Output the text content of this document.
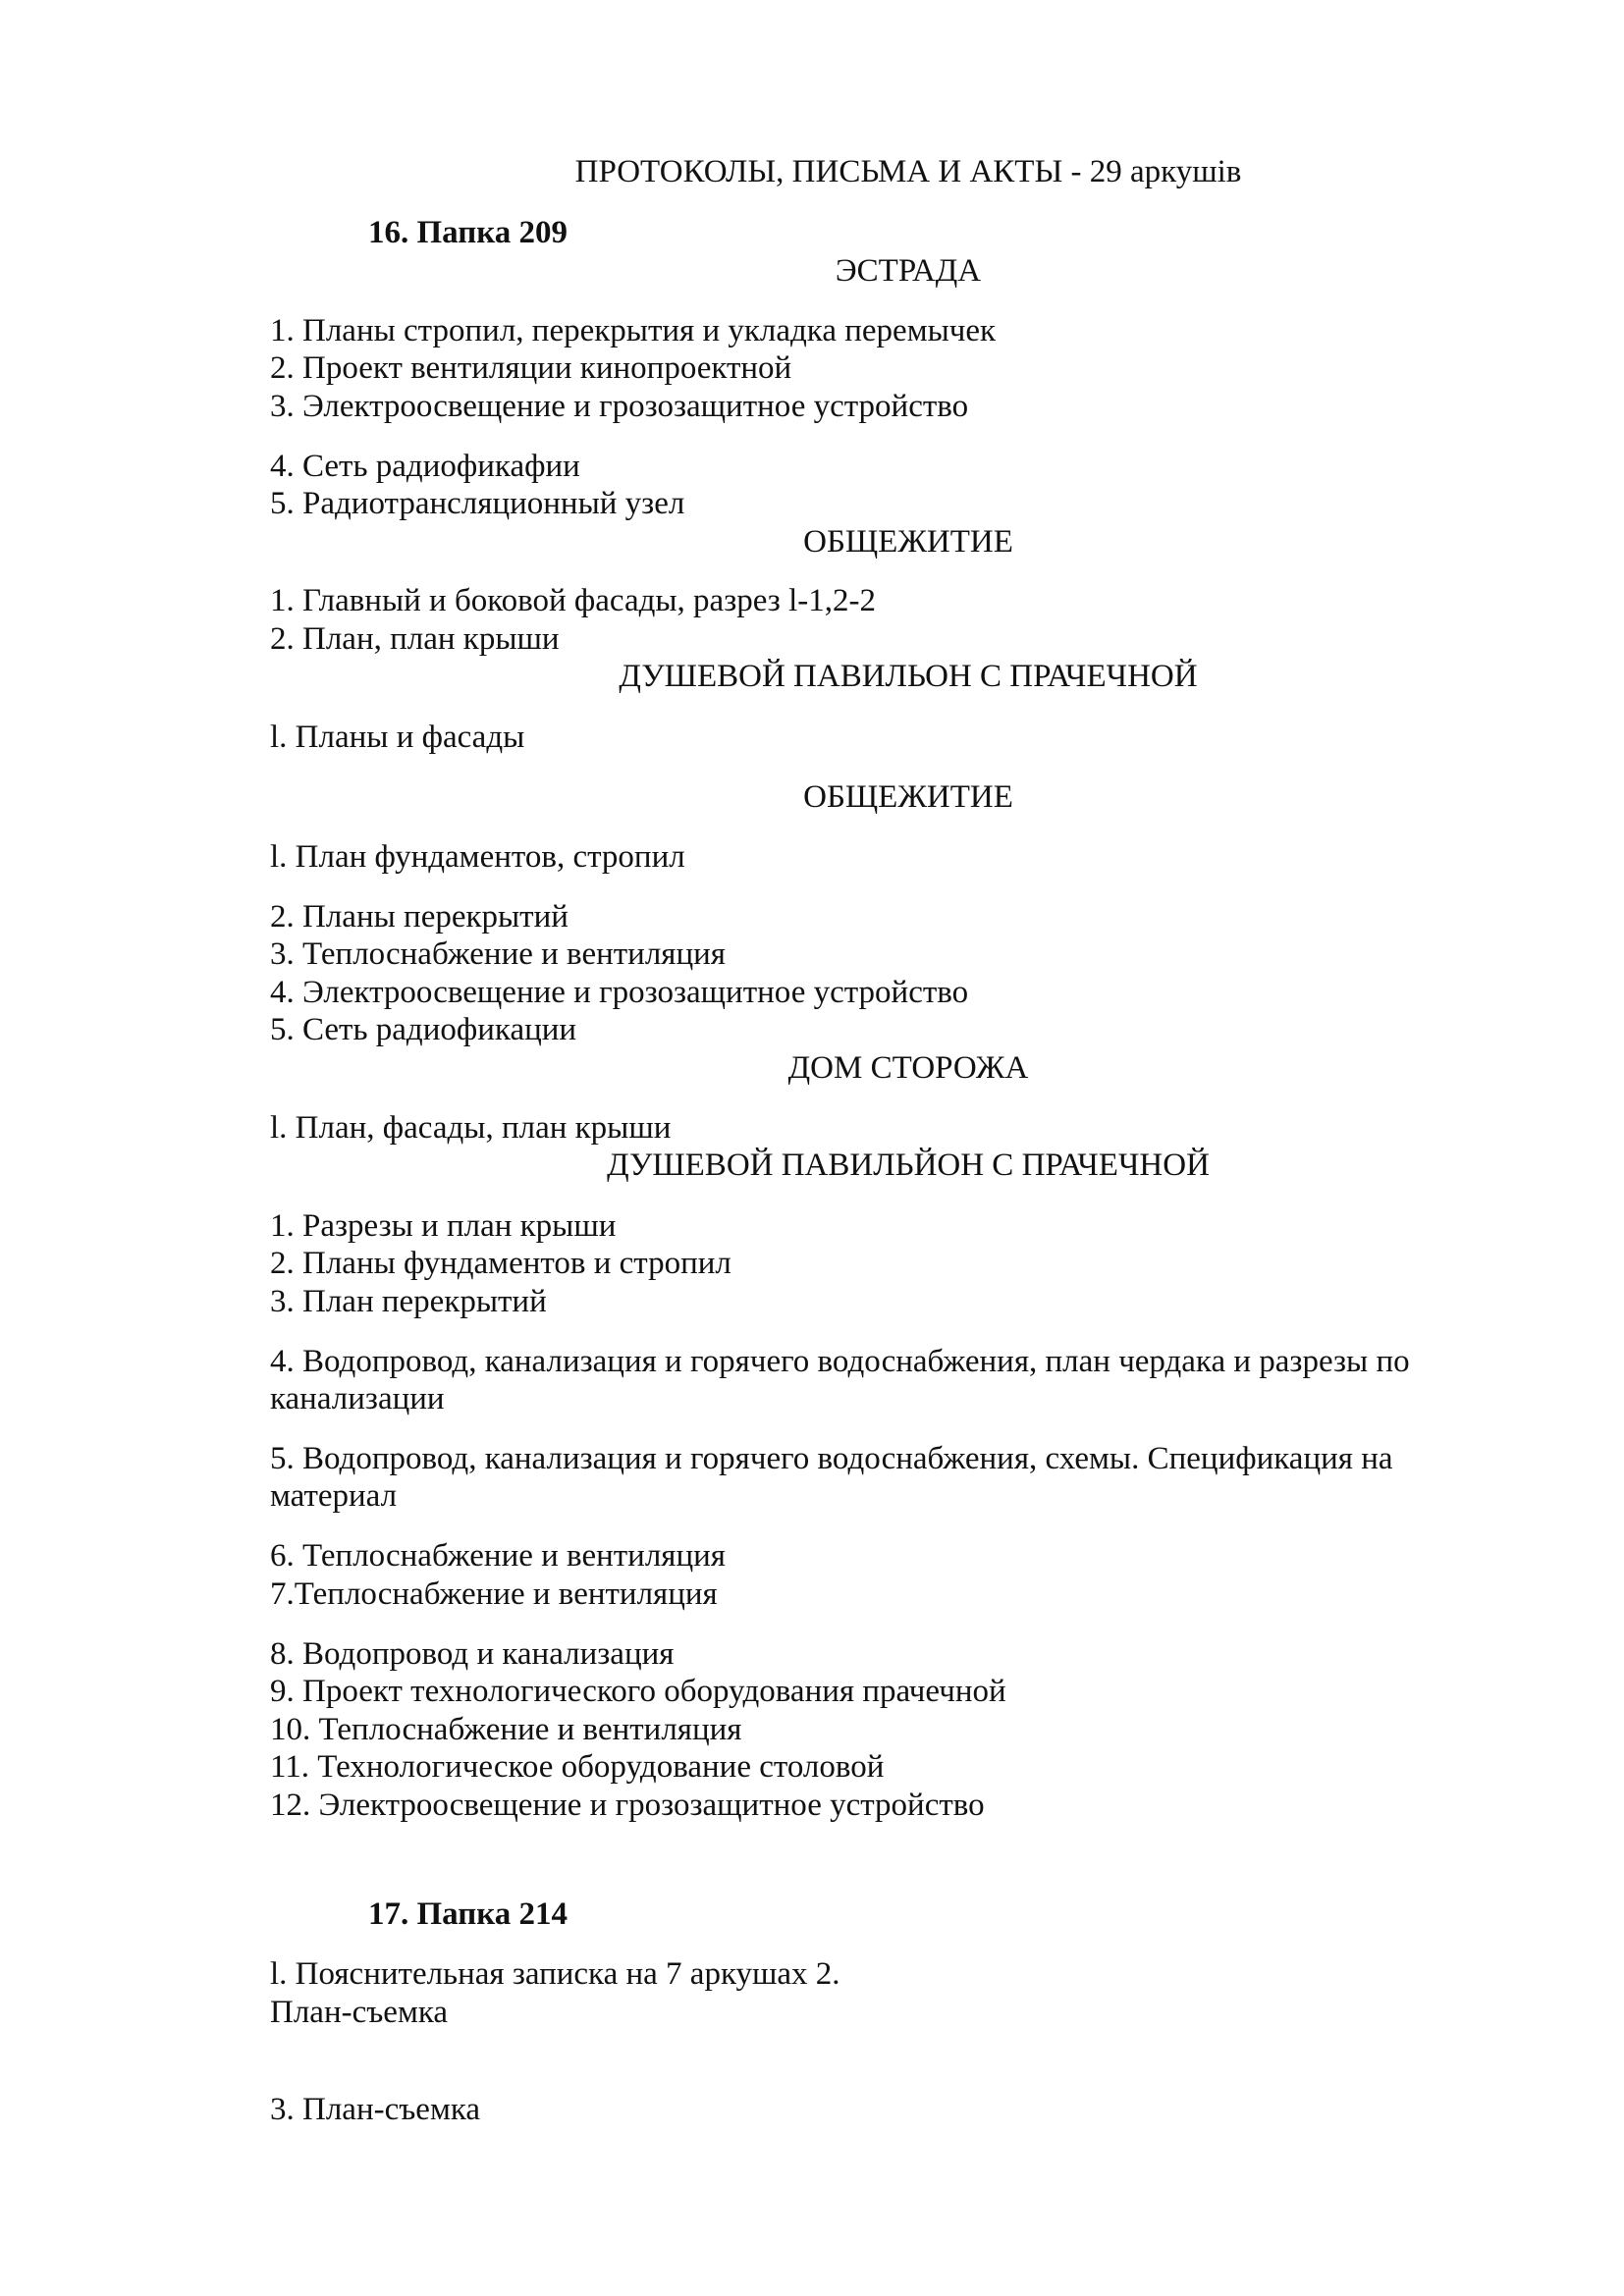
ПРОТОКОЛЫ, ПИСЬМА И АКТЫ - 29 аркушів

16. Папка 209

ЭСТРАДА

1. Планы стропил, перекрытия и укладка перемычек

2. Проект вентиляции кинопроектной

3. Электроосвещение и грозозащитное устройство

4. Сеть радиофикафии

5. Радиотрансляционный узел

ОБЩЕЖИТИЕ

1. Главный и боковой фасады, разрез l-1,2-2

2. План, план крыши

ДУШЕВОЙ ПАВИЛЬОН С ПРАЧЕЧНОЙ

l. Планы и фасады

ОБЩЕЖИТИЕ

l. План фундаментов, стропил

2. Планы перекрытий

3. Теплоснабжение и вентиляция

4. Электроосвещение и грозозащитное устройство

5. Сеть радиофикации

ДОМ СТОРОЖА

l. План, фасады, план крыши

ДУШЕВОЙ ПАВИЛЬЙОН С ПРАЧЕЧНОЙ

1. Разрезы и план крыши

2. Планы фундаментов и стропил

3. План перекрытий

4. Водопровод, канализация и горячего водоснабжения, план чердака и разрезы по

канализации

5. Водопровод, канализация и горячего водоснабжения, схемы. Спецификация на

материал

6. Теплоснабжение и вентиляция

7.Теплоснабжение и вентиляция

8. Водопровод и канализация

9. Проект технологического оборудования прачечной

10. Теплоснабжение и вентиляция

11. Технологическое оборудование столовой

12. Электроосвещение и грозозащитное устройство

17. Папка 214

l. Пояснительная записка на 7 аркушах 2.

План-съемка

3. План-съемка
